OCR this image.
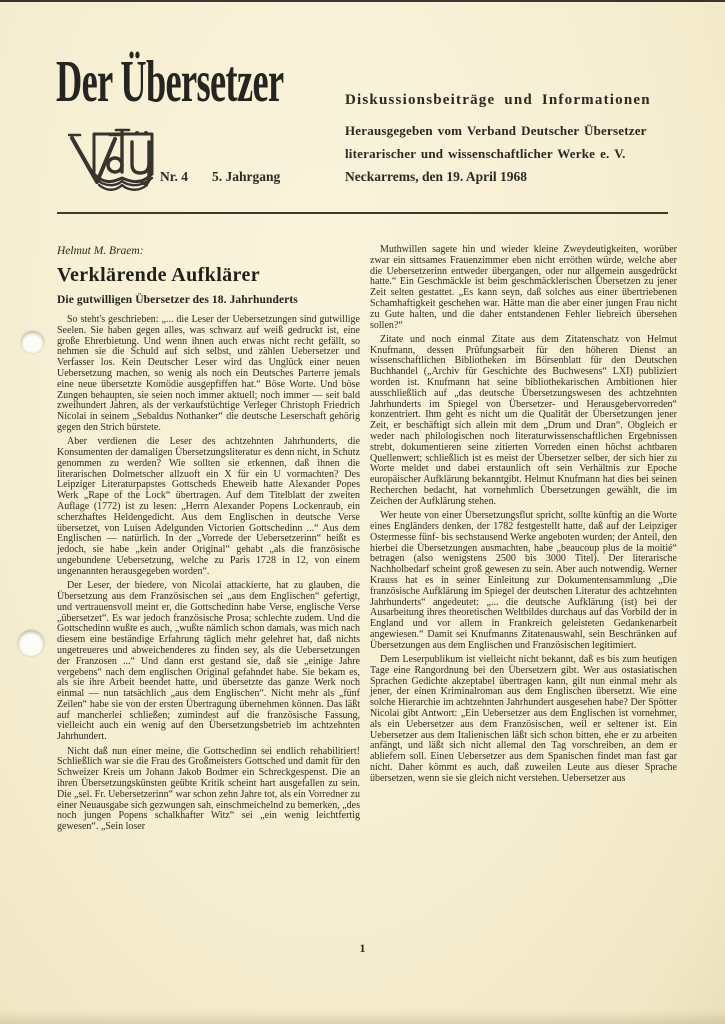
Der Übersetzer	Diskussionsbeiträge und Informationen

Herausgegeben vom Verband Deutscher Übersetzer

literarischer und wissenschaftlicher Werke e. V.

Nr. 4 5. Jahrgang	Neckarrems, den 19. April 1968

Helmut M. Braem:

Verklärende Aufklärer
Die gutwilligen Übersetzer des 18. Jahrhunderts

So steht's geschrieben: „... die Leser der Uebersetzungen sind gutwillige Seelen. Sie haben gegen alles, was schwarz auf weiß gedruckt ist, eine große Ehrerbietung. Und wenn ihnen auch etwas nicht recht gefällt, so nehmen sie die Schuld auf sich selbst, und zählen Uebersetzer und Verfasser los. Kein Deutscher Leser wird das Unglück einer neuen Uebersetzung machen, so wenig als noch ein Deutsches Parterre jemals eine neue übersetzte Komödie ausgepfiffen hat.“ Böse Worte. Und böse Zungen behaupten, sie seien noch immer aktuell; noch immer — seit bald zweihundert Jahren, als der verkaufstüchtige Verleger Christoph Friedrich Nicolai in seinem „Sebaldus Nothanker“ die deutsche Leserschaft gehörig gegen den Strich bürstete.

Aber verdienen die Leser des achtzehnten Jahrhunderts, die Konsumenten der damaligen Übersetzungsliteratur es denn nicht, in Schutz genommen zu werden? Wie sollten sie erkennen, daß ihnen die literarischen Dolmetscher allzuoft ein X für ein U vormachten? Des Leipziger Literaturpapstes Gottscheds Eheweib hatte Alexander Popes Werk „Rape of the Lock“ übertragen. Auf dem Titelblatt der zweiten Auflage (1772) ist zu lesen: „Herrn Alexander Popens Lockenraub, ein scherzhaftes Heldengedicht. Aus dem Englischen in deutsche Verse übersetzet, von Luisen Adelgunden Victorien Gottschedinn ...“ Aus dem Englischen — natürlich. In der „Vorrede der Uebersetzerinn“ heißt es jedoch, sie habe „kein ander Original“ gehabt „als die französische ungebundene Uebersetzung, welche zu Paris 1728 in 12, von einem ungenannten herausgegeben worden“.

Der Leser, der biedere, von Nicolai attackierte, hat zu glauben, die Übersetzung aus dem Französischen sei „aus dem Englischen“ gefertigt, und vertrauensvoll meint er, die Gottschedinn habe Verse, englische Verse „übersetzet“. Es war jedoch französische Prosa; schlechte zudem. Und die Gottschedinn wußte es auch, „wußte nämlich schon damals, was mich nach diesem eine beständige Erfahrung täglich mehr gelehret hat, daß nichts ungetreueres und abweichenderes zu finden sey, als die Uebersetzungen der Franzosen ...“ Und dann erst gestand sie, daß sie „einige Jahre vergebens“ nach dem englischen Original gefahndet habe. Sie bekam es, als sie ihre Arbeit beendet hatte, und übersetzte das ganze Werk noch einmal — nun tatsächlich „aus dem Englischen“. Nicht mehr als „fünf Zeilen“ habe sie von der ersten Übertragung übernehmen können. Das läßt auf mancherlei schließen; zumindest auf die französische Fassung, vielleicht auch ein wenig auf den Übersetzungsbetrieb im achtzehnten Jahrhundert.

Nicht daß nun einer meine, die Gottschedinn sei endlich rehabilitiert! Schließlich war sie die Frau des Großmeisters Gottsched und damit für den Schweizer Kreis um Johann Jakob Bodmer ein Schreckgespenst. Die an ihren Übersetzungskünsten geübte Kritik scheint hart ausgefallen zu sein. Die „sel. Fr. Uebersetzerinn“ war schon zehn Jahre tot, als ein Vorredner zu einer Neuausgabe sich gezwungen sah, einschmeichelnd zu bemerken, „des noch jungen Popens schalkhafter Witz“ sei „ein wenig leichtfertig gewesen“. „Sein loser

Muthwillen sagete hin und wieder kleine Zweydeutigkeiten, worüber zwar ein sittsames Frauenzimmer eben nicht erröthen würde, welche aber die Uebersetzerinn entweder übergangen, oder nur allgemein ausgedrückt hatte.“ Ein Geschmäckle ist beim geschmäcklerischen Übersetzen zu jener Zeit selten gestattet. „Es kann seyn, daß solches aus einer übertriebenen Schamhaftigkeit geschehen war. Hätte man die aber einer jungen Frau nicht zu Gute halten, und die daher entstandenen Fehler liebreich übersehen sollen?“

Zitate und noch einmal Zitate aus dem Zitatenschatz von Helmut Knufmann, dessen Prüfungsarbeit für den höheren Dienst an wissenschaftlichen Bibliotheken im Börsenblatt für den Deutschen Buchhandel („Archiv für Geschichte des Buchwesens“ LXI) publiziert worden ist. Knufmann hat seine bibliothekarischen Ambitionen hier ausschließlich auf „das deutsche Übersetzungswesen des achtzehnten Jahrhunderts im Spiegel von Übersetzer- und Herausgebervorreden“ konzentriert. Ihm geht es nicht um die Qualität der Übersetzungen jener Zeit, er beschäftigt sich allein mit dem „Drum und Dran“. Obgleich er weder nach philologischen noch literaturwissenschaftlichen Ergebnissen strebt, dokumentieren seine zitierten Vorreden einen höchst achtbaren Quellenwert; schließlich ist es meist der Übersetzer selber, der sich hier zu Worte meldet und dabei erstaunlich oft sein Verhältnis zur Epoche europäischer Aufklärung bekanntgibt. Helmut Knufmann hat dies bei seinen Recherchen bedacht, hat vornehmlich Übersetzungen gewählt, die im Zeichen der Aufklärung stehen.

Wer heute von einer Übersetzungsflut spricht, sollte künftig an die Worte eines Engländers denken, der 1782 festgestellt hatte, daß auf der Leipziger Ostermesse fünf- bis sechstausend Werke angeboten wurden; der Anteil, den hierbei die Übersetzungen ausmachten, habe „beaucoup plus de la moitié“ betragen (also wenigstens 2500 bis 3000 Titel). Der literarische Nachholbedarf scheint groß gewesen zu sein. Aber auch notwendig. Werner Krauss hat es in seiner Einleitung zur Dokumentensammlung „Die französische Aufklärung im Spiegel der deutschen Literatur des achtzehnten Jahrhunderts“ angedeutet: „... die deutsche Aufklärung (ist) bei der Ausarbeitung ihres theoretischen Weltbildes durchaus auf das Vorbild der in England und vor allem in Frankreich geleisteten Gedankenarbeit angewiesen.“ Damit sei Knufmanns Zitatenauswahl, sein Beschränken auf Übersetzungen aus dem Englischen und Französischen legitimiert.

Dem Leserpublikum ist vielleicht nicht bekannt, daß es bis zum heutigen Tage eine Rangordnung bei den Übersetzern gibt. Wer aus ostasiatischen Sprachen Gedichte akzeptabel übertragen kann, gilt nun einmal mehr als jener, der einen Kriminalroman aus dem Englischen übersetzt. Wie eine solche Hierarchie im achtzehnten Jahrhundert ausgesehen habe? Der Spötter Nicolai gibt Antwort: „Ein Uebersetzer aus dem Englischen ist vornehmer, als ein Uebersetzer aus dem Französischen, weil er seltener ist. Ein Uebersetzer aus dem Italienischen läßt sich schon bitten, ehe er zu arbeiten anfängt, und läßt sich nicht allemal den Tag vorschreiben, an dem er abliefern soll. Einen Uebersetzer aus dem Spanischen findet man fast gar nicht. Daher kömmt es auch, daß zuweilen Leute aus dieser Sprache übersetzen, wenn sie sie gleich nicht verstehen. Uebersetzer aus

1
